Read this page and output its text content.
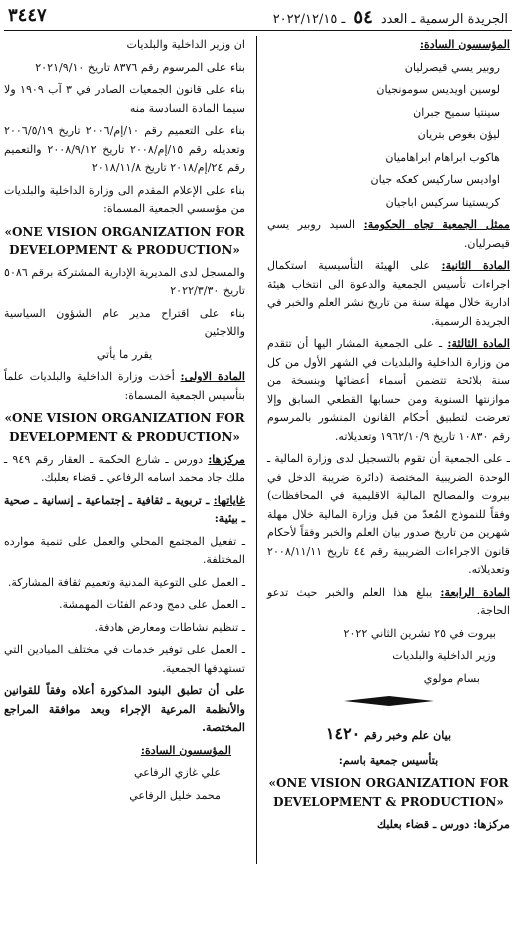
٣٤٤٧	الجريدة الرسمية ـ العدد ٥٤ ـ ٢٠٢٢/١٢/١٥

المؤسسون السادة:

روبير يسي قيصرليان

لوسين اويديس سومونجيان

سينتيا سميح جبران

ليؤن بغوص بتريان

هاكوب ابراهام ابراهاميان

اواديس ساركيس كعكه جيان

كريستينا سركيس اباجيان

ممثل الجمعية تجاه الحكومة: السيد روبير يسي قيصرليان.

المادة الثانية: على الهيئة التأسيسية استكمال اجراءات تأسيس الجمعية والدعوة الى انتخاب هيئة ادارية خلال مهلة سنة من تاريخ نشر العلم والخبر في الجريدة الرسمية.

المادة الثالثة: ـ على الجمعية المشار اليها أن تتقدم من وزارة الداخلية والبلديات في الشهر الأول من كل سنة بلائحة تتضمن أسماء أعضائها وبنسخة من موازنتها السنوية ومن حسابها القطعي السابق وإلا تعرضت لتطبيق أحكام القانون المنشور بالمرسوم رقم ١٠٨٣٠ تاريخ ١٩٦٢/١٠/٩ وتعديلاته.

ـ على الجمعية أن تقوم بالتسجيل لدى وزارة المالية ـ الوحدة الضريبية المختصة (دائرة ضريبة الدخل في بيروت والمصالح المالية الاقليمية في المحافظات) وفقاً للنموذج المُعدّ من قبل وزارة المالية خلال مهلة شهرين من تاريخ صدور بيان العلم والخبر وفقاً لأحكام قانون الاجراءات الضريبية رقم ٤٤ تاريخ ٢٠٠٨/١١/١١ وتعديلاته.

المادة الرابعة: يبلغ هذا العلم والخبر حيث تدعو الحاجة.

بيروت في ٢٥ تشرين الثاني ٢٠٢٢

وزير الداخلية والبلديات

بسام مولوي

بيان علم وخبر رقم ١٤٢٠

بتأسيس جمعية باسم:

«ONE VISION ORGANIZATION FOR DEVELOPMENT & PRODUCTION»

مركزها: دورس ـ قضاء بعلبك

ان وزير الداخلية والبلديات

بناء على المرسوم رقم ٨٣٧٦ تاريخ ٢٠٢١/٩/١٠

بناء على قانون الجمعيات الصادر في ٣ آب ١٩٠٩ ولا سيما المادة السادسة منه

بناء على التعميم رقم ١٠/إم/٢٠٠٦ تاريخ ٢٠٠٦/٥/١٩ وتعديله رقم ١٥/إم/٢٠٠٨ تاريخ ٢٠٠٨/٩/١٢ والتعميم رقم ٢٤/إم/٢٠١٨ تاريخ ٢٠١٨/١١/٨

بناء على الإعلام المقدم الى وزارة الداخلية والبلديات من مؤسسي الجمعية المسماة:

«ONE VISION ORGANIZATION FOR DEVELOPMENT & PRODUCTION»

والمسجل لدى المديرية الإدارية المشتركة برقم ٥٠٨٦ تاريخ ٢٠٢٢/٣/٣٠

بناء على اقتراح مدير عام الشؤون السياسية واللاجئين

يقرر ما يأتي

المادة الاولى: أخذت وزارة الداخلية والبلديات علماً بتأسيس الجمعية المسماة:

«ONE VISION ORGANIZATION FOR DEVELOPMENT & PRODUCTION»

مركزها: دورس ـ شارع الحكمة ـ العقار رقم ٩٤٩ ـ ملك جاد محمد اسامه الرفاعي ـ قضاء بعلبك.

غاياتها: ـ تربوية ـ ثقافية ـ إجتماعية ـ إنسانية ـ صحية ـ بيئية:

ـ تفعيل المجتمع المحلي والعمل على تنمية موارده المختلفة.

ـ العمل على التوعية المدنية وتعميم ثقافة المشاركة.

ـ العمل على دمج ودعم الفئات المهمشة.

ـ تنظيم نشاطات ومعارض هادفة.

ـ العمل على توفير خدمات في مختلف الميادين التي تستهدفها الجمعية.

على أن تطبق البنود المذكورة أعلاه وفقاً للقوانين والأنظمة المرعية الإجراء وبعد موافقة المراجع المختصة.

المؤسسون السادة:

علي غازي الرفاعي

محمد خليل الرفاعي
